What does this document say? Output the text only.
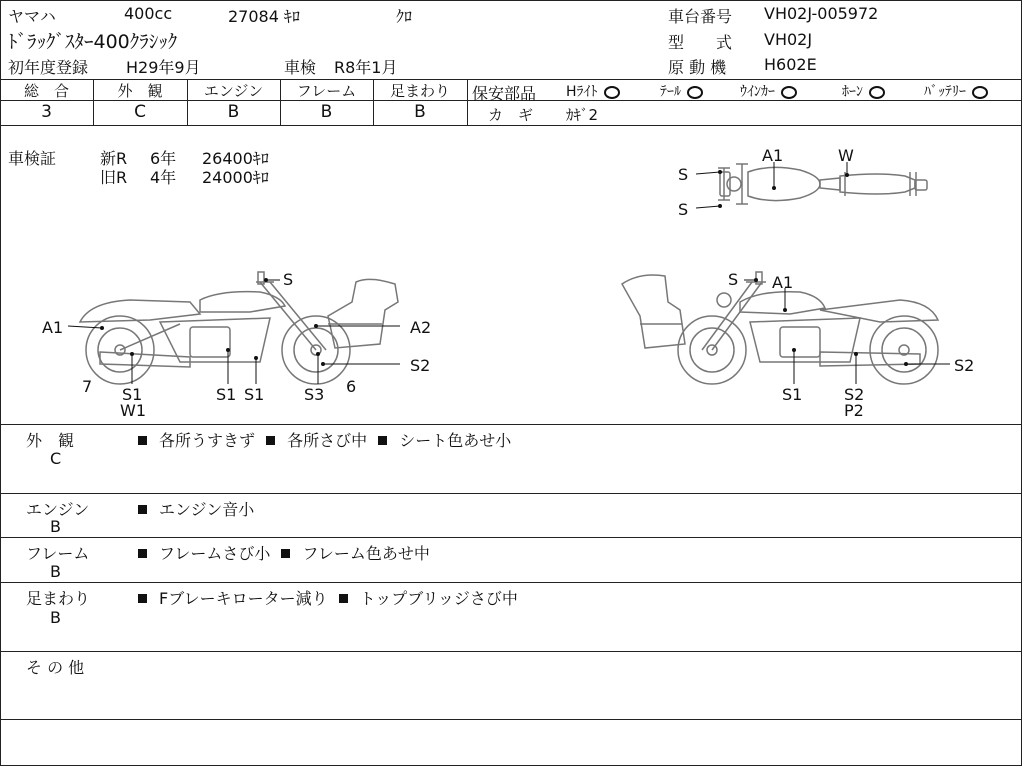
ヤマハ	400cc	27084 ｷﾛ	ｸﾛ
ﾄﾞﾗｯｸﾞｽﾀｰ400ｸﾗｼｯｸ
初年度登録 H29年9月	車検 R8年1月
車台番号 VH02J-005972
型　　式 VH02J
原 動 機 H602E
総　合	外　観	エンジン	フレーム	足まわり
3	C	B	B	B
保安部品 Hﾗｲﾄ	ﾃｰﾙ	ｳｲﾝｶｰ	ﾎｰﾝ	ﾊﾞｯﾃﾘｰ
カ　ギ ｶｷﾞ2
車検証	新R 6年 26400ｷﾛ
旧R 4年 24000ｷﾛ
A1	W
S
S
S
A1	A2
S2
7 S1
W1
S1 S1 S3 6
S A1
S2
S1	S2
P2
外　観
C
各所うすきず 各所さび中 シート色あせ小
エンジン
B
エンジン音小
フレーム
B
フレームさび小 フレーム色あせ中
足まわり
B
Fブレーキローター減り トップブリッジさび中
そ の 他
